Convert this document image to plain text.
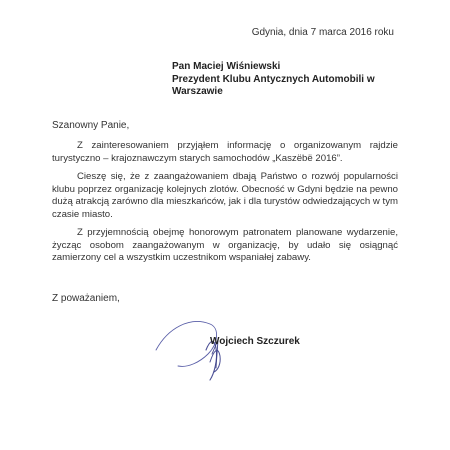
Gdynia, dnia 7 marca 2016 roku
Pan Maciej Wiśniewski
Prezydent Klubu Antycznych Automobili w
Warszawie
Szanowny Panie,

Z zainteresowaniem przyjąłem informację o organizowanym rajdzie turystyczno – krajoznawczym starych samochodów „Kaszëbë 2016”.

Cieszę się, że z zaangażowaniem dbają Państwo o rozwój popularności klubu poprzez organizację kolejnych zlotów. Obecność w Gdyni będzie na pewno dużą atrakcją zarówno dla mieszkańców, jak i dla turystów odwiedzających w tym czasie miasto.

Z przyjemnością obejmę honorowym patronatem planowane wydarzenie, życząc osobom zaangażowanym w organizację, by udało się osiągnąć zamierzony cel a wszystkim uczestnikom wspaniałej zabawy.

Z poważaniem,
Wojciech Szczurek
